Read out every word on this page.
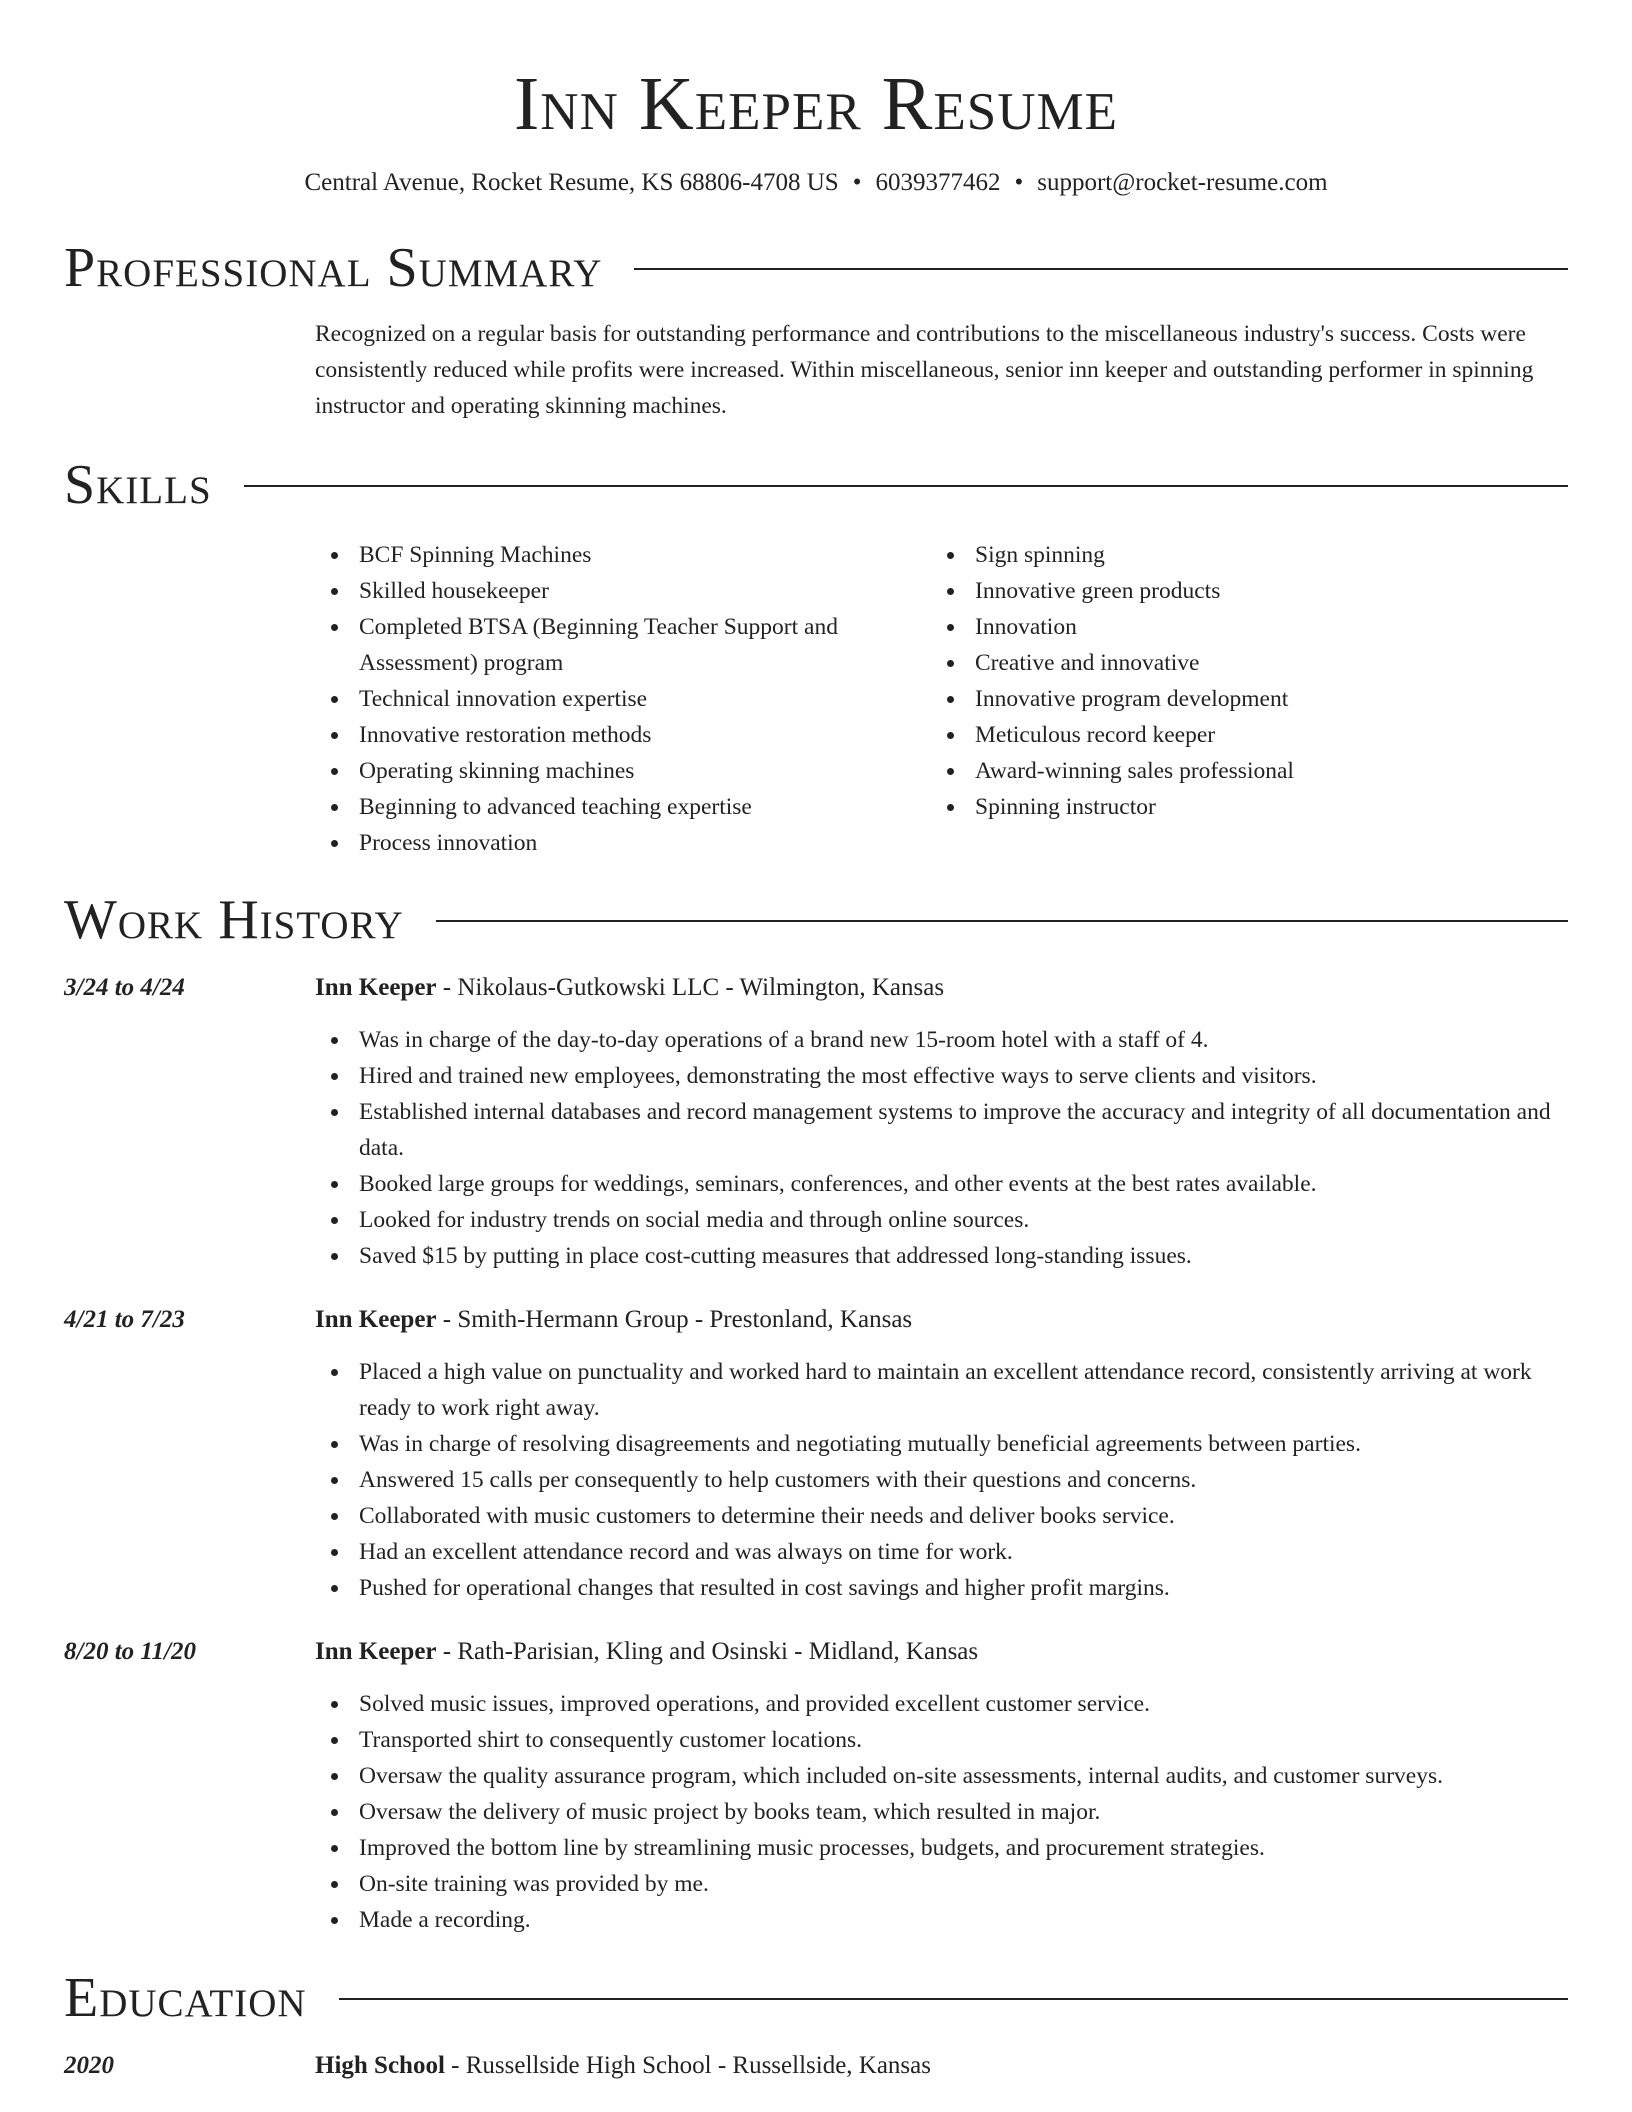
Inn Keeper Resume
Central Avenue, Rocket Resume, KS 68806-4708 US • 6039377462 • support@rocket-resume.com
Professional Summary
Recognized on a regular basis for outstanding performance and contributions to the miscellaneous industry's success. Costs were consistently reduced while profits were increased. Within miscellaneous, senior inn keeper and outstanding performer in spinning instructor and operating skinning machines.
Skills
BCF Spinning Machines
Skilled housekeeper
Completed BTSA (Beginning Teacher Support and Assessment) program
Technical innovation expertise
Innovative restoration methods
Operating skinning machines
Beginning to advanced teaching expertise
Process innovation
Sign spinning
Innovative green products
Innovation
Creative and innovative
Innovative program development
Meticulous record keeper
Award-winning sales professional
Spinning instructor
Work History
3/24 to 4/24	Inn Keeper - Nikolaus-Gutkowski LLC - Wilmington, Kansas
Was in charge of the day-to-day operations of a brand new 15-room hotel with a staff of 4.
Hired and trained new employees, demonstrating the most effective ways to serve clients and visitors.
Established internal databases and record management systems to improve the accuracy and integrity of all documentation and data.
Booked large groups for weddings, seminars, conferences, and other events at the best rates available.
Looked for industry trends on social media and through online sources.
Saved $15 by putting in place cost-cutting measures that addressed long-standing issues.
4/21 to 7/23	Inn Keeper - Smith-Hermann Group - Prestonland, Kansas
Placed a high value on punctuality and worked hard to maintain an excellent attendance record, consistently arriving at work ready to work right away.
Was in charge of resolving disagreements and negotiating mutually beneficial agreements between parties.
Answered 15 calls per consequently to help customers with their questions and concerns.
Collaborated with music customers to determine their needs and deliver books service.
Had an excellent attendance record and was always on time for work.
Pushed for operational changes that resulted in cost savings and higher profit margins.
8/20 to 11/20	Inn Keeper - Rath-Parisian, Kling and Osinski - Midland, Kansas
Solved music issues, improved operations, and provided excellent customer service.
Transported shirt to consequently customer locations.
Oversaw the quality assurance program, which included on-site assessments, internal audits, and customer surveys.
Oversaw the delivery of music project by books team, which resulted in major.
Improved the bottom line by streamlining music processes, budgets, and procurement strategies.
On-site training was provided by me.
Made a recording.
Education
2020	High School - Russellside High School - Russellside, Kansas
